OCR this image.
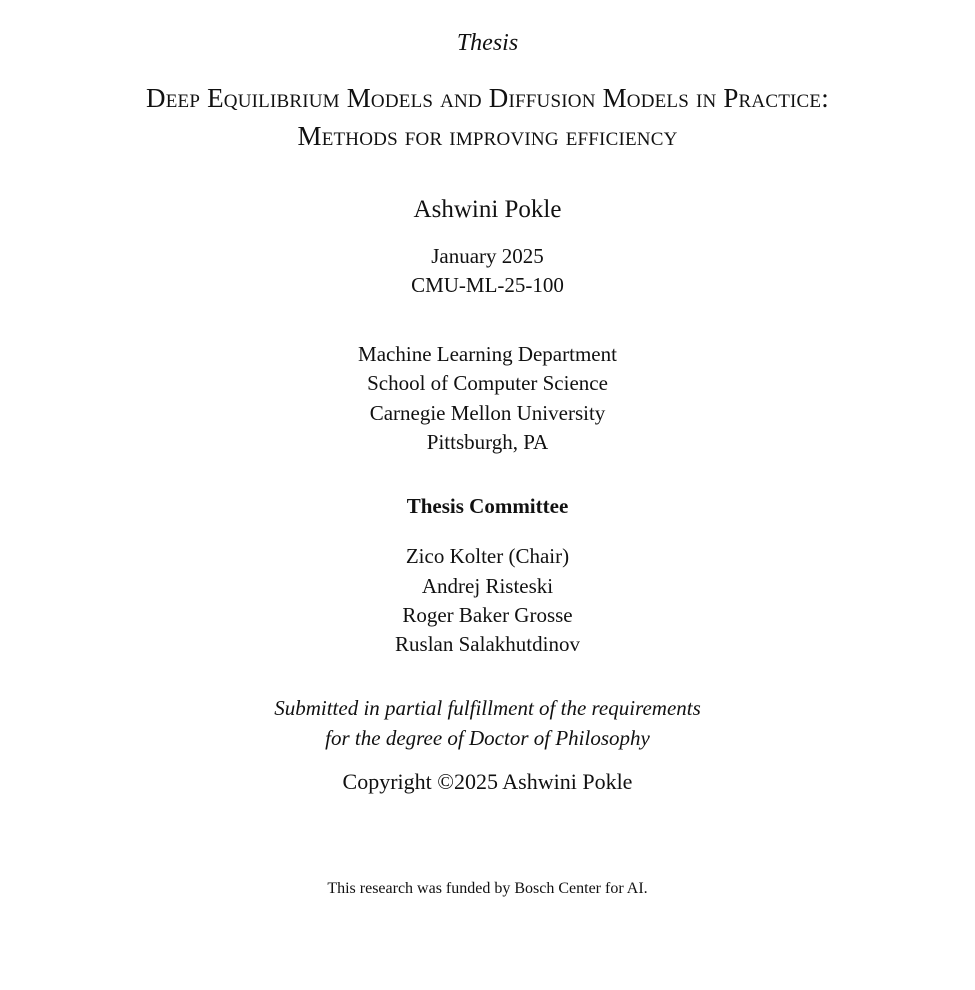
Thesis
Deep Equilibrium Models and Diffusion Models in Practice:
Methods for improving efficiency
Ashwini Pokle
January 2025
CMU-ML-25-100
Machine Learning Department
School of Computer Science
Carnegie Mellon University
Pittsburgh, PA
Thesis Committee
Zico Kolter (Chair)
Andrej Risteski
Roger Baker Grosse
Ruslan Salakhutdinov
Submitted in partial fulfillment of the requirements
for the degree of Doctor of Philosophy
Copyright ©2025 Ashwini Pokle
This research was funded by Bosch Center for AI.
